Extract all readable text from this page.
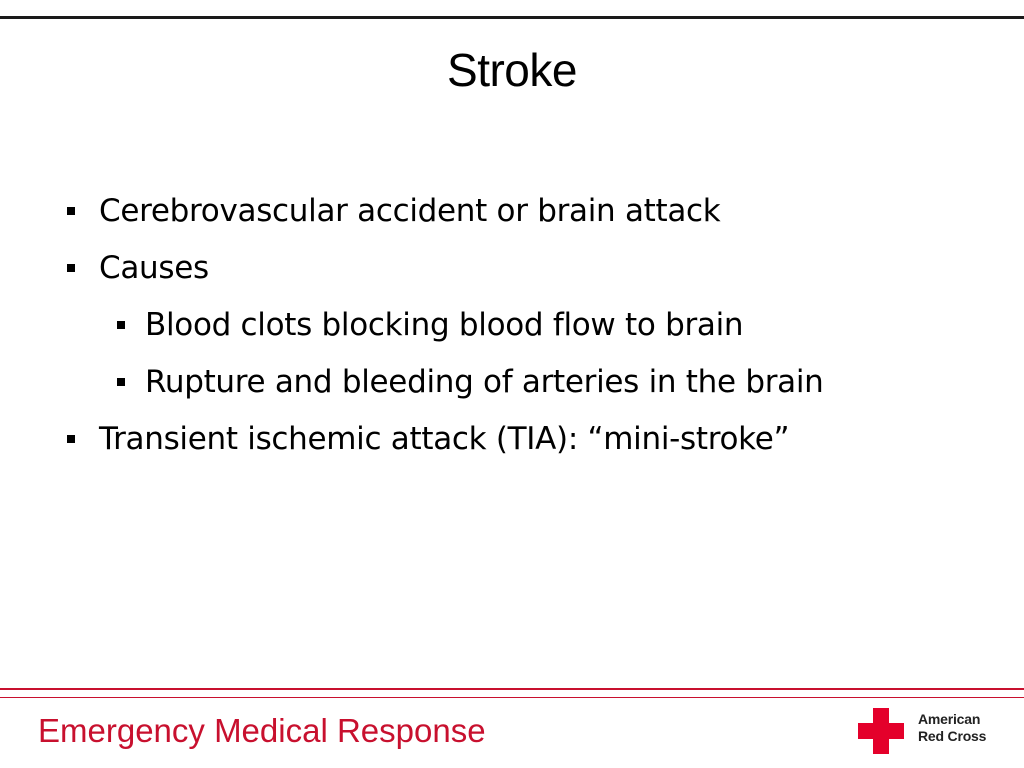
Stroke
Cerebrovascular accident or brain attack
Causes
Blood clots blocking blood flow to brain
Rupture and bleeding of arteries in the brain
Transient ischemic attack (TIA): “mini-stroke”
Emergency Medical Response	American
Red Cross
